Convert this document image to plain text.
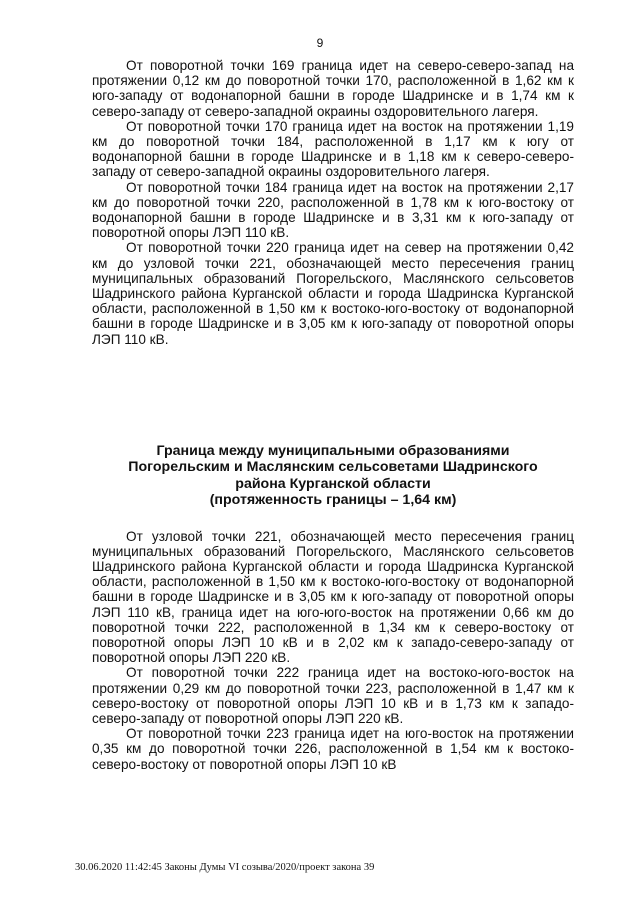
9

От поворотной точки 169 граница идет на северо-северо-запад на протяжении 0,12 км до поворотной точки 170, расположенной в 1,62 км к юго-западу от водонапорной башни в городе Шадринске и в 1,74 км к северо-западу от северо-западной окраины оздоровительного лагеря.

От поворотной точки 170 граница идет на восток на протяжении 1,19 км до поворотной точки 184, расположенной в 1,17 км к югу от водонапорной башни в городе Шадринске и в 1,18 км к северо-северо-западу от северо-западной окраины оздоровительного лагеря.

От поворотной точки 184 граница идет на восток на протяжении 2,17 км до поворотной точки 220, расположенной в 1,78 км к юго-востоку от водонапорной башни в городе Шадринске и в 3,31 км к юго-западу от поворотной опоры ЛЭП 110 кВ.

От поворотной точки 220 граница идет на север на протяжении 0,42 км до узловой точки 221, обозначающей место пересечения границ муниципальных образований Погорельского, Маслянского сельсоветов Шадринского района Курганской области и города Шадринска Курганской области, расположенной в 1,50 км к востоко-юго-востоку от водонапорной башни в городе Шадринске и в 3,05 км к юго-западу от поворотной опоры ЛЭП 110 кВ.

Граница между муниципальными образованиями
Погорельским и Маслянским сельсоветами Шадринского
района Курганской области
(протяженность границы – 1,64 км)

От узловой точки 221, обозначающей место пересечения границ муниципальных образований Погорельского, Маслянского сельсоветов Шадринского района Курганской области и города Шадринска Курганской области, расположенной в 1,50 км к востоко-юго-востоку от водонапорной башни в городе Шадринске и в 3,05 км к юго-западу от поворотной опоры ЛЭП 110 кВ, граница идет на юго-юго-восток на протяжении 0,66 км до поворотной точки 222, расположенной в 1,34 км к северо-востоку от поворотной опоры ЛЭП 10 кВ и в 2,02 км к западо-северо-западу от поворотной опоры ЛЭП 220 кВ.

От поворотной точки 222 граница идет на востоко-юго-восток на протяжении 0,29 км до поворотной точки 223, расположенной в 1,47 км к северо-востоку от поворотной опоры ЛЭП 10 кВ и в 1,73 км к западо-северо-западу от поворотной опоры ЛЭП 220 кВ.

От поворотной точки 223 граница идет на юго-восток на протяжении 0,35 км до поворотной точки 226, расположенной в 1,54 км к востоко-северо-востоку от поворотной опоры ЛЭП 10 кВ

30.06.2020 11:42:45 Законы Думы VI созыва/2020/проект закона 39
